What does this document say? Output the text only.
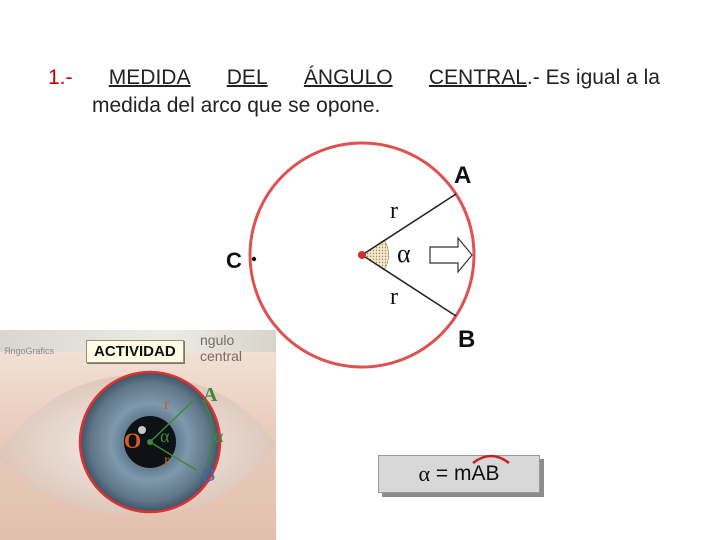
1.- MEDIDA DEL ÁNGULO CENTRAL.- Es igual a la
medida del arco que se opone.
A
B
C
r
r
α
ngulo central
ЯngoGrafics
A
B
O
r
r
α α
ACTIVIDAD
α = m AB
